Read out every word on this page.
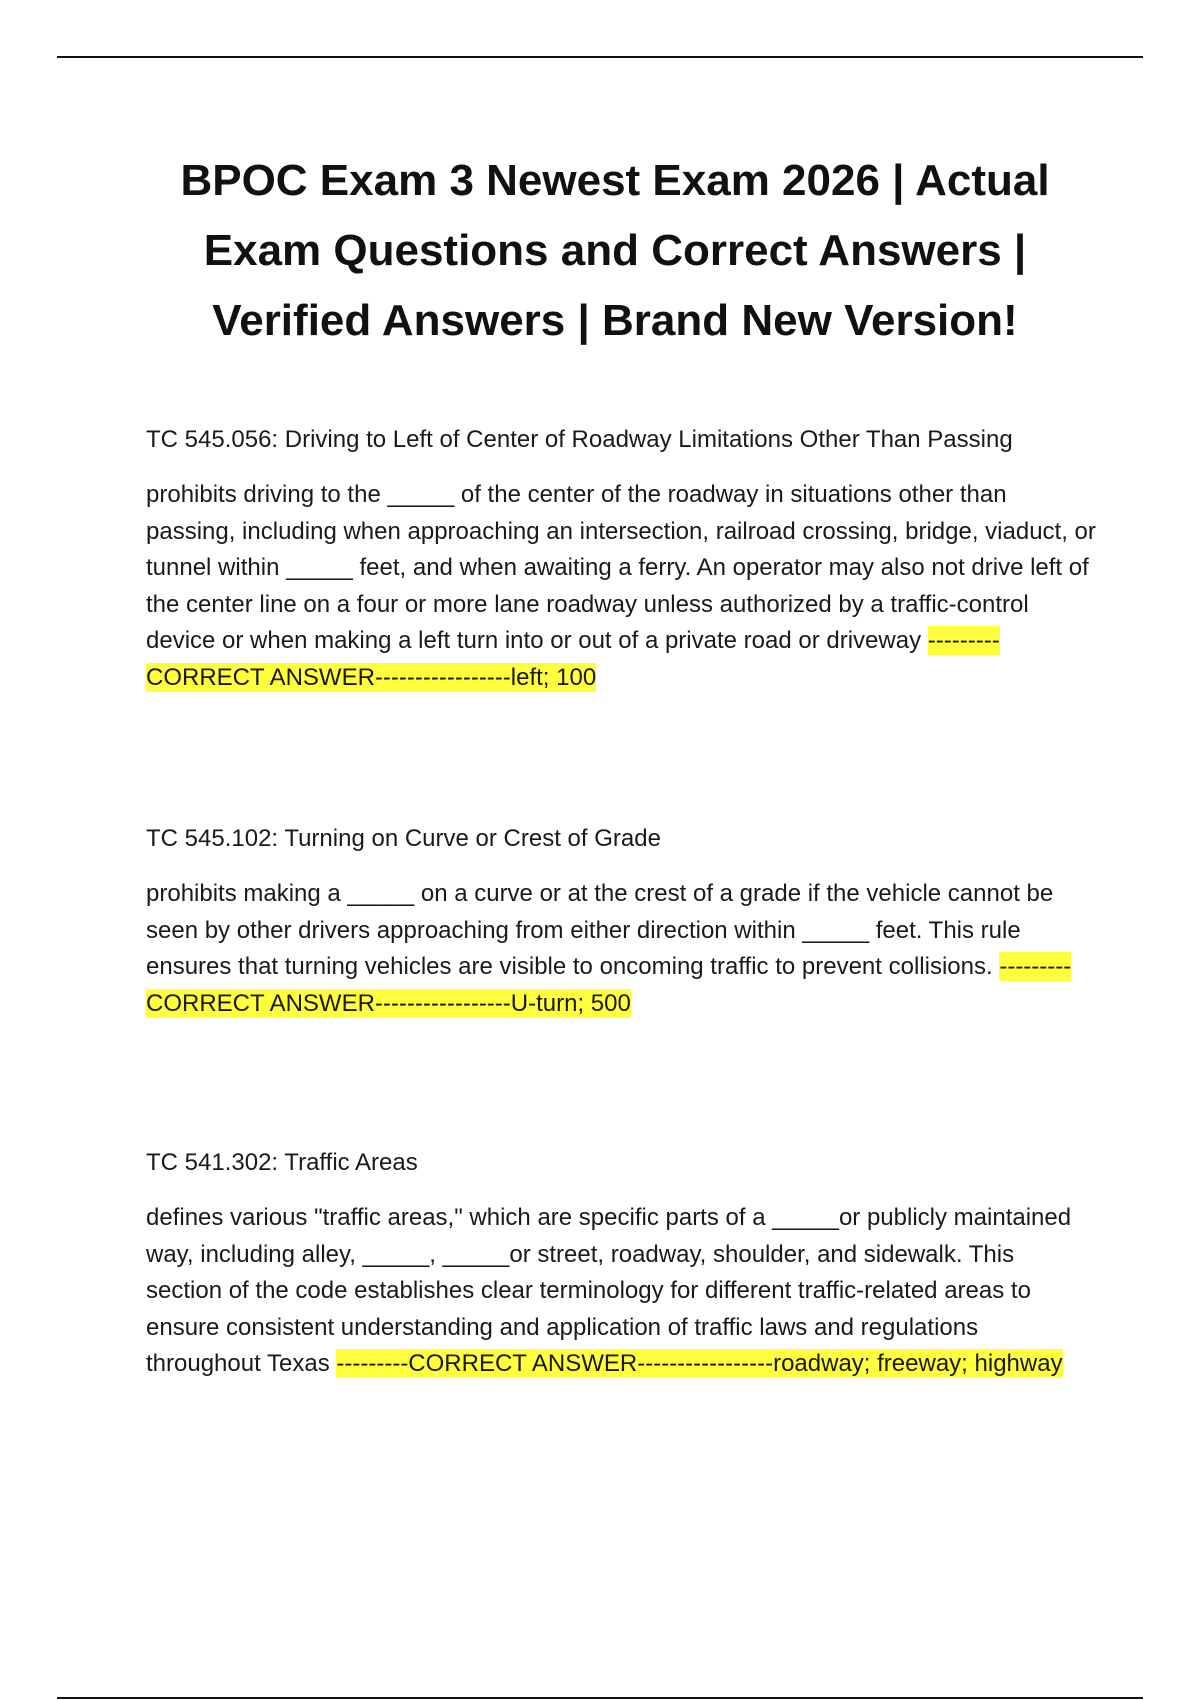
BPOC Exam 3 Newest Exam 2026 | Actual Exam Questions and Correct Answers | Verified Answers | Brand New Version!

TC 545.056: Driving to Left of Center of Roadway Limitations Other Than Passing

prohibits driving to the _____ of the center of the roadway in situations other than passing, including when approaching an intersection, railroad crossing, bridge, viaduct, or tunnel within _____ feet, and when awaiting a ferry. An operator may also not drive left of the center line on a four or more lane roadway unless authorized by a traffic-control device or when making a left turn into or out of a private road or driveway ---------CORRECT ANSWER-----------------left; 100

TC 545.102: Turning on Curve or Crest of Grade

prohibits making a _____ on a curve or at the crest of a grade if the vehicle cannot be seen by other drivers approaching from either direction within _____ feet. This rule ensures that turning vehicles are visible to oncoming traffic to prevent collisions. ---------CORRECT ANSWER-----------------U-turn; 500

TC 541.302: Traffic Areas

defines various "traffic areas," which are specific parts of a _____or publicly maintained way, including alley, _____, _____or street, roadway, shoulder, and sidewalk. This section of the code establishes clear terminology for different traffic-related areas to ensure consistent understanding and application of traffic laws and regulations throughout Texas ---------CORRECT ANSWER-----------------roadway; freeway; highway
